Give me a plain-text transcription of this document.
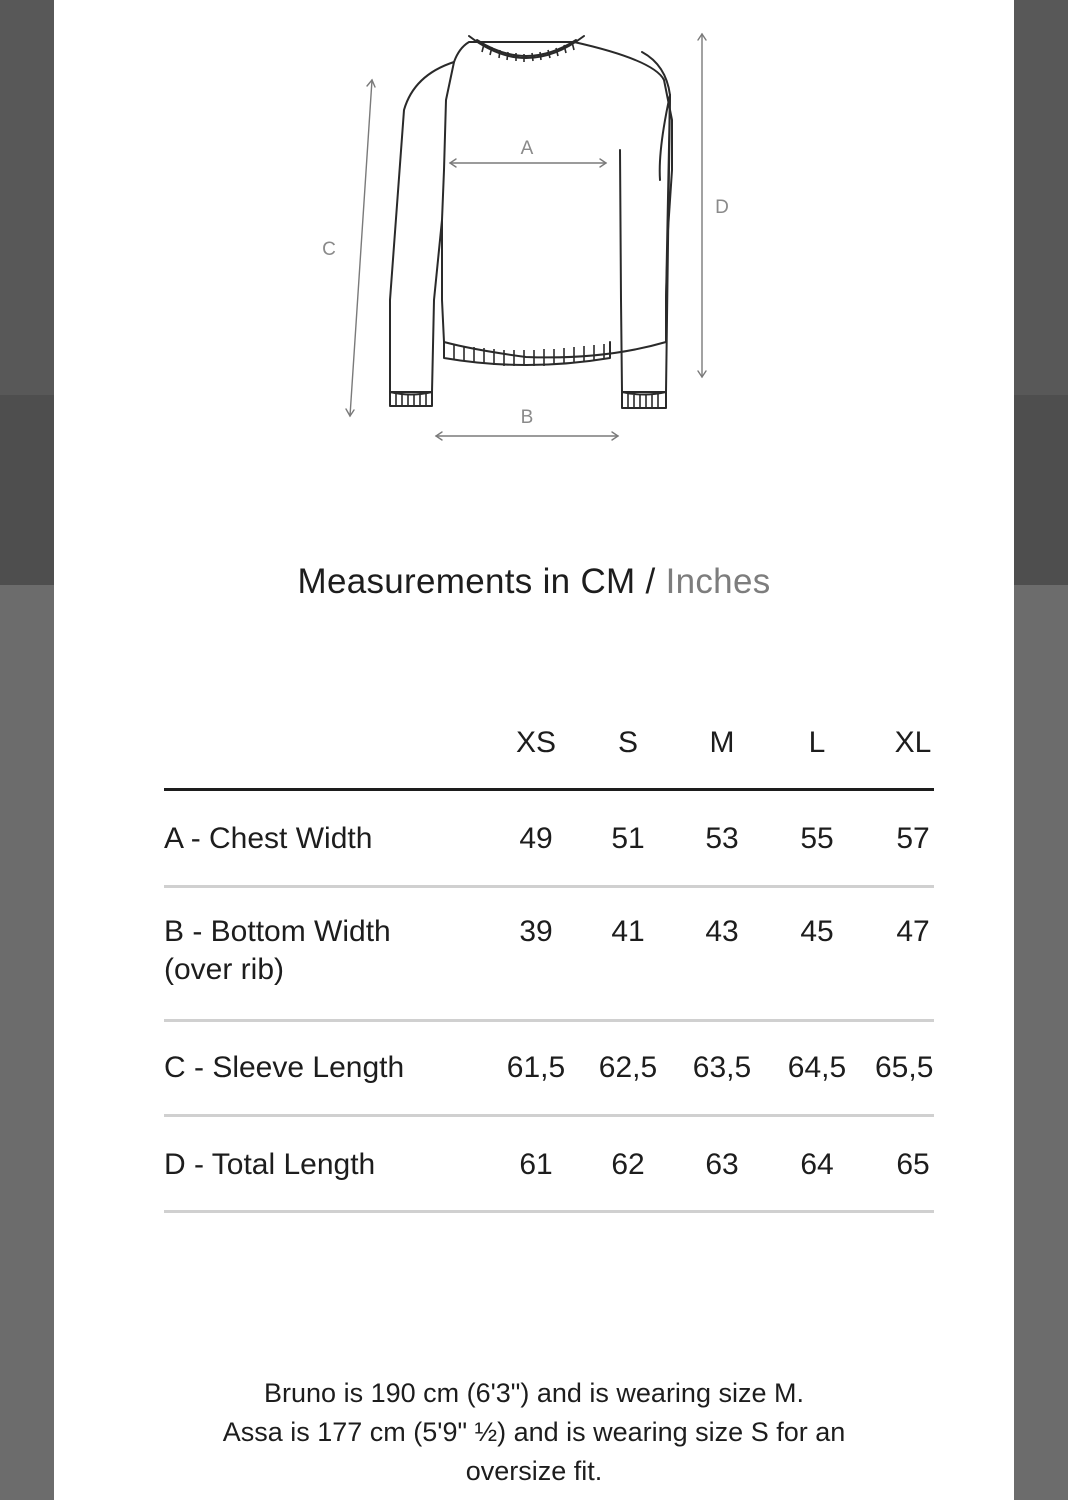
A
B
C
D
Measurements in CM / Inches
XS	S	M	L	XL
A - Chest Width	49	51	53	55	57
B - Bottom Width
(over rib)
39	41	43	45	47
C - Sleeve Length	61,5	62,5	63,5	64,5 65,5
D - Total Length	61	62	63	64	65
Bruno is 190 cm (6'3") and is wearing size M.
Assa is 177 cm (5'9" ½) and is wearing size S for an
oversize fit.
